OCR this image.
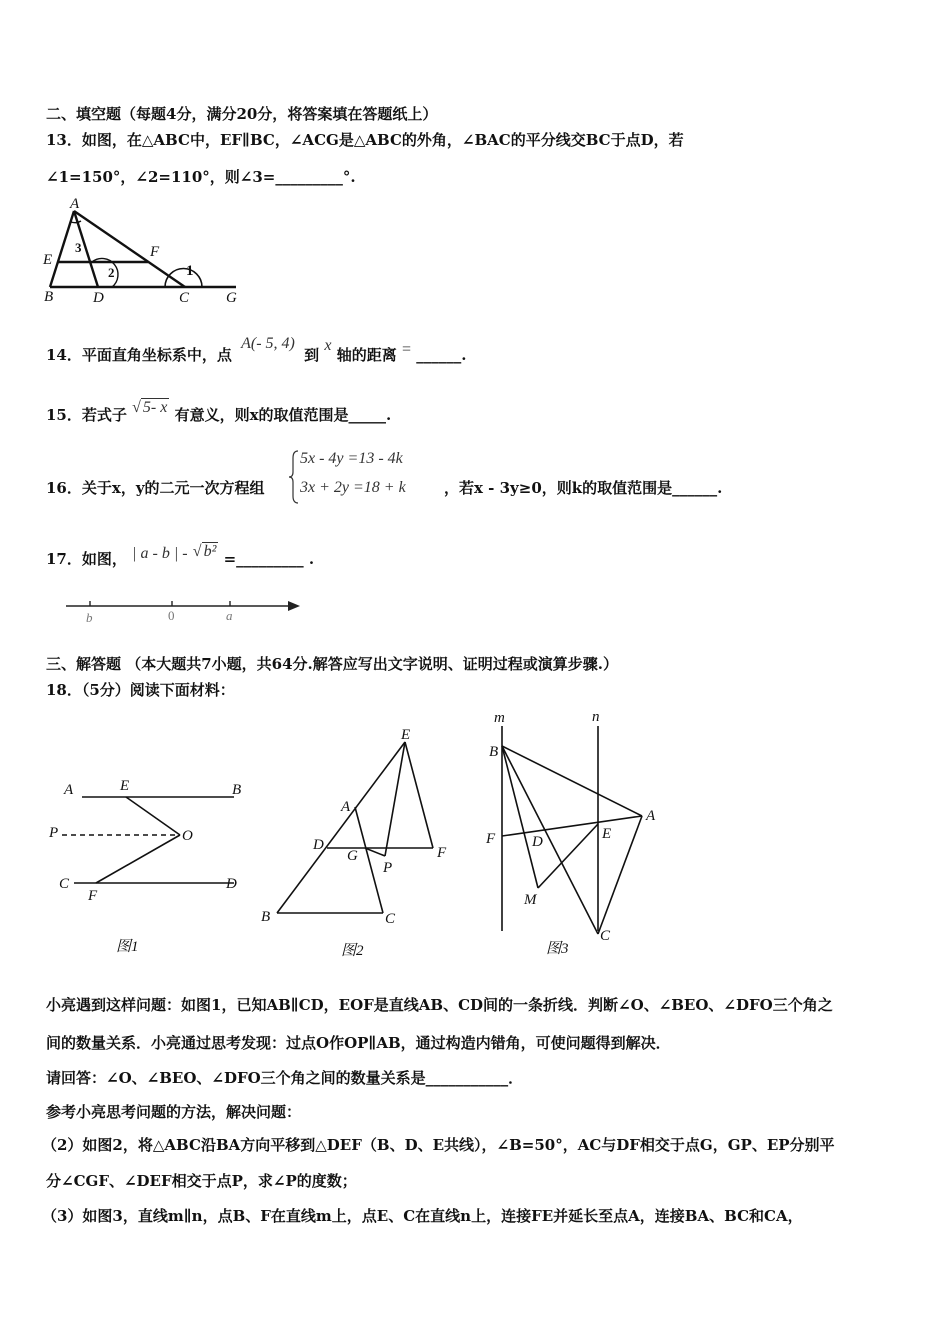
二、填空题（每题4分，满分20分，将答案填在答题纸上）
13．如图，在△ABC中，EF∥BC，∠ACG是△ABC的外角，∠BAC的平分线交BC于点D，若
∠1=150°，∠2=110°，则∠3=_________°.
A
E	F
B	D	C G
1
2
3
14．平面直角坐标系中，点 A(- 5, 4) 到 x 轴的距离 = ______.
15．若式子 √ 5- x 有意义，则x的取值范围是_____.
16．关于x，y的二元一次方程组
5x - 4y =13 - 4k
3x + 2y =18 + k	，若x - 3y≥0，则k的取值范围是______.
17．如图， | a - b | - √ b² =_________ .
b	0	a
三、解答题 （本大题共7小题，共64分.解答应写出文字说明、证明过程或演算步骤.）
18．（5分）阅读下面材料：
A	E	B
P	O
C
F
D
图1
E
A
D
G
P
F
B	C
图2
m	n
B
A
F D	E
M
C
图3
小亮遇到这样问题：如图1，已知AB∥CD，EOF是直线AB、CD间的一条折线．判断∠O、∠BEO、∠DFO三个角之
间的数量关系．小亮通过思考发现：过点O作OP∥AB，通过构造内错角，可使问题得到解决．
请回答：∠O、∠BEO、∠DFO三个角之间的数量关系是___________．
参考小亮思考问题的方法，解决问题：
（2）如图2，将△ABC沿BA方向平移到△DEF（B、D、E共线），∠B=50°，AC与DF相交于点G，GP、EP分别平
分∠CGF、∠DEF相交于点P，求∠P的度数；
（3）如图3，直线m∥n，点B、F在直线m上，点E、C在直线n上，连接FE并延长至点A，连接BA、BC和CA，
